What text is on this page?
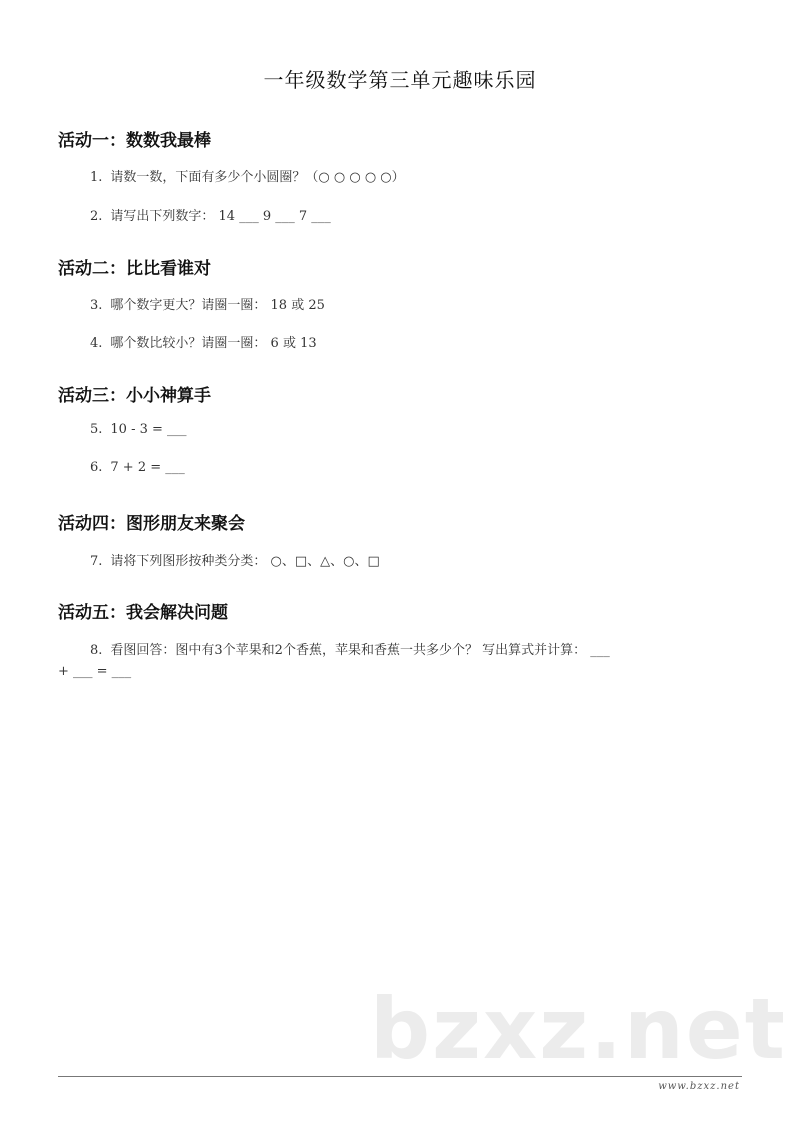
一年级数学第三单元趣味乐园
活动一：数数我最棒
1. 请数一数，下面有多少个小圆圈？（○ ○ ○ ○ ○）
2. 请写出下列数字： 14 ___ 9 ___ 7 ___
活动二：比比看谁对
3. 哪个数字更大？请圈一圈： 18 或 25
4. 哪个数比较小？请圈一圈： 6 或 13
活动三：小小神算手
5. 10 - 3 = ___
6. 7 + 2 = ___
活动四：图形朋友来聚会
7. 请将下列图形按种类分类： ○、□、△、○、□
活动五：我会解决问题
8. 看图回答：图中有3个苹果和2个香蕉，苹果和香蕉一共多少个？ 写出算式并计算： ___
+ ___ = ___
bzxz.net
www.bzxz.net
